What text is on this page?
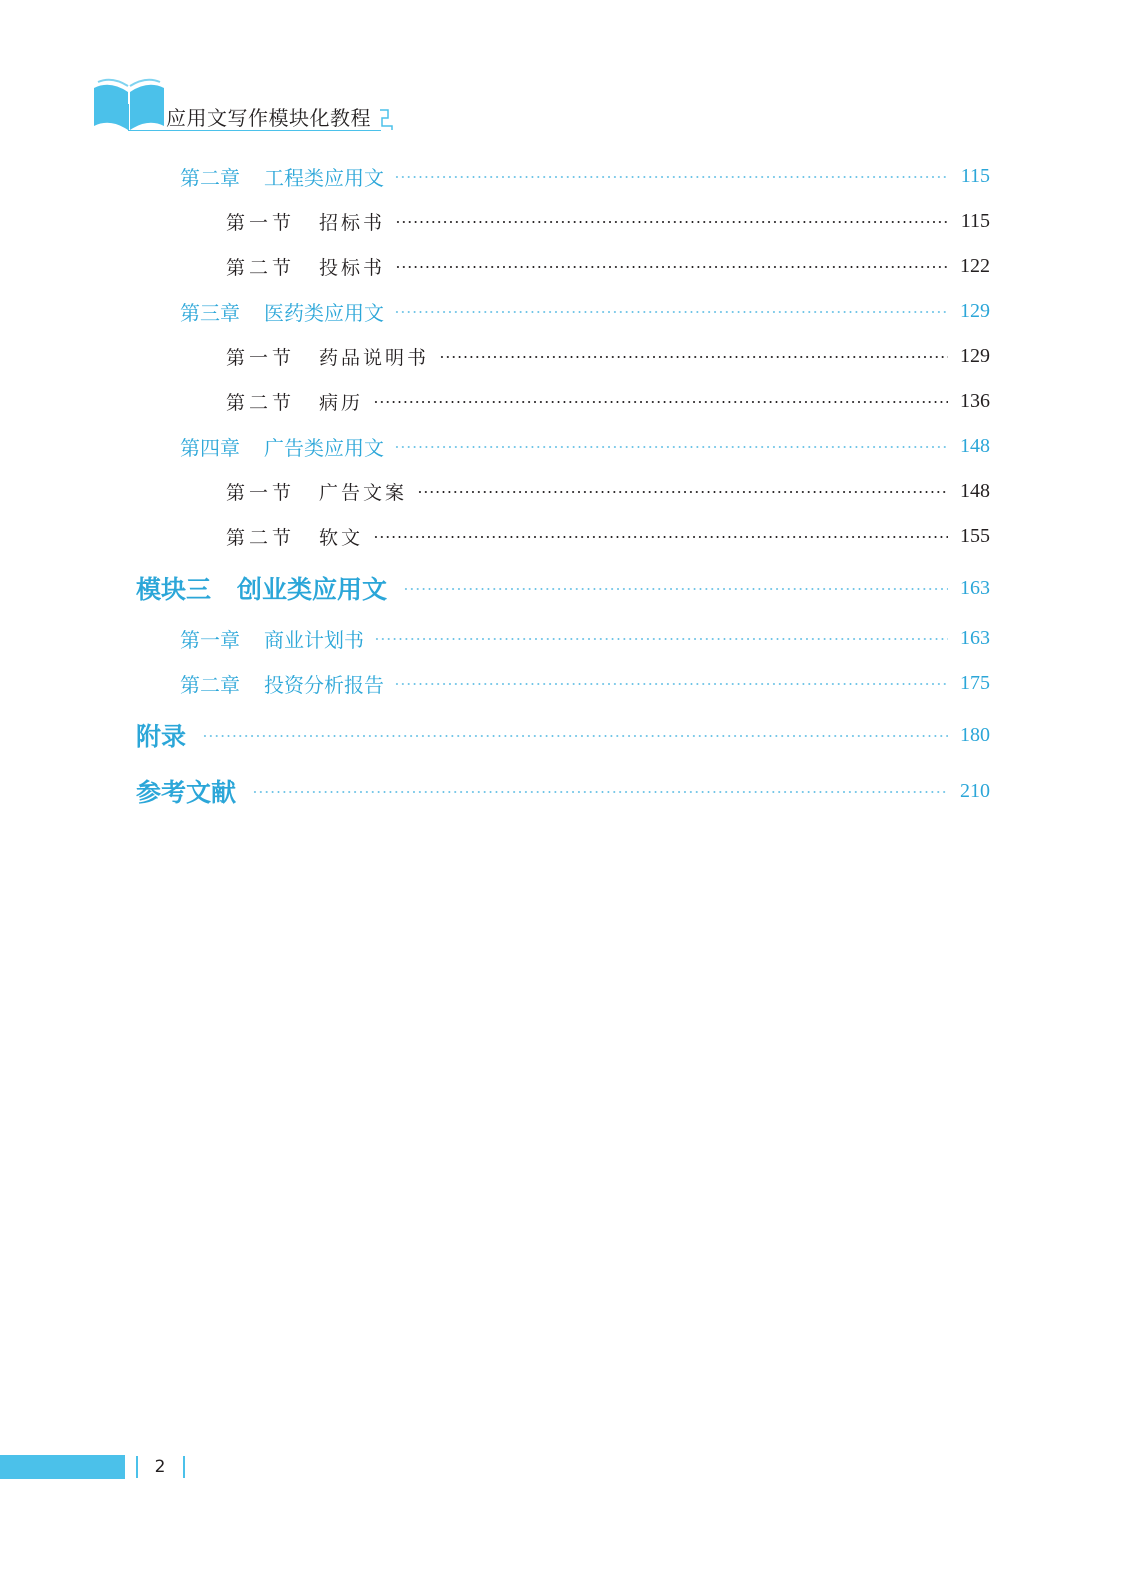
应用文写作模块化教程
第二章 工程类应用文	115
第一节 招标书	115
第二节 投标书	122
第三章 医药类应用文	129
第一节 药品说明书	129
第二节 病历	136
第四章 广告类应用文	148
第一节 广告文案	148
第二节 软文	155
模块三 创业类应用文	163
第一章 商业计划书	163
第二章 投资分析报告	175
附录	180
参考文献	210
2
